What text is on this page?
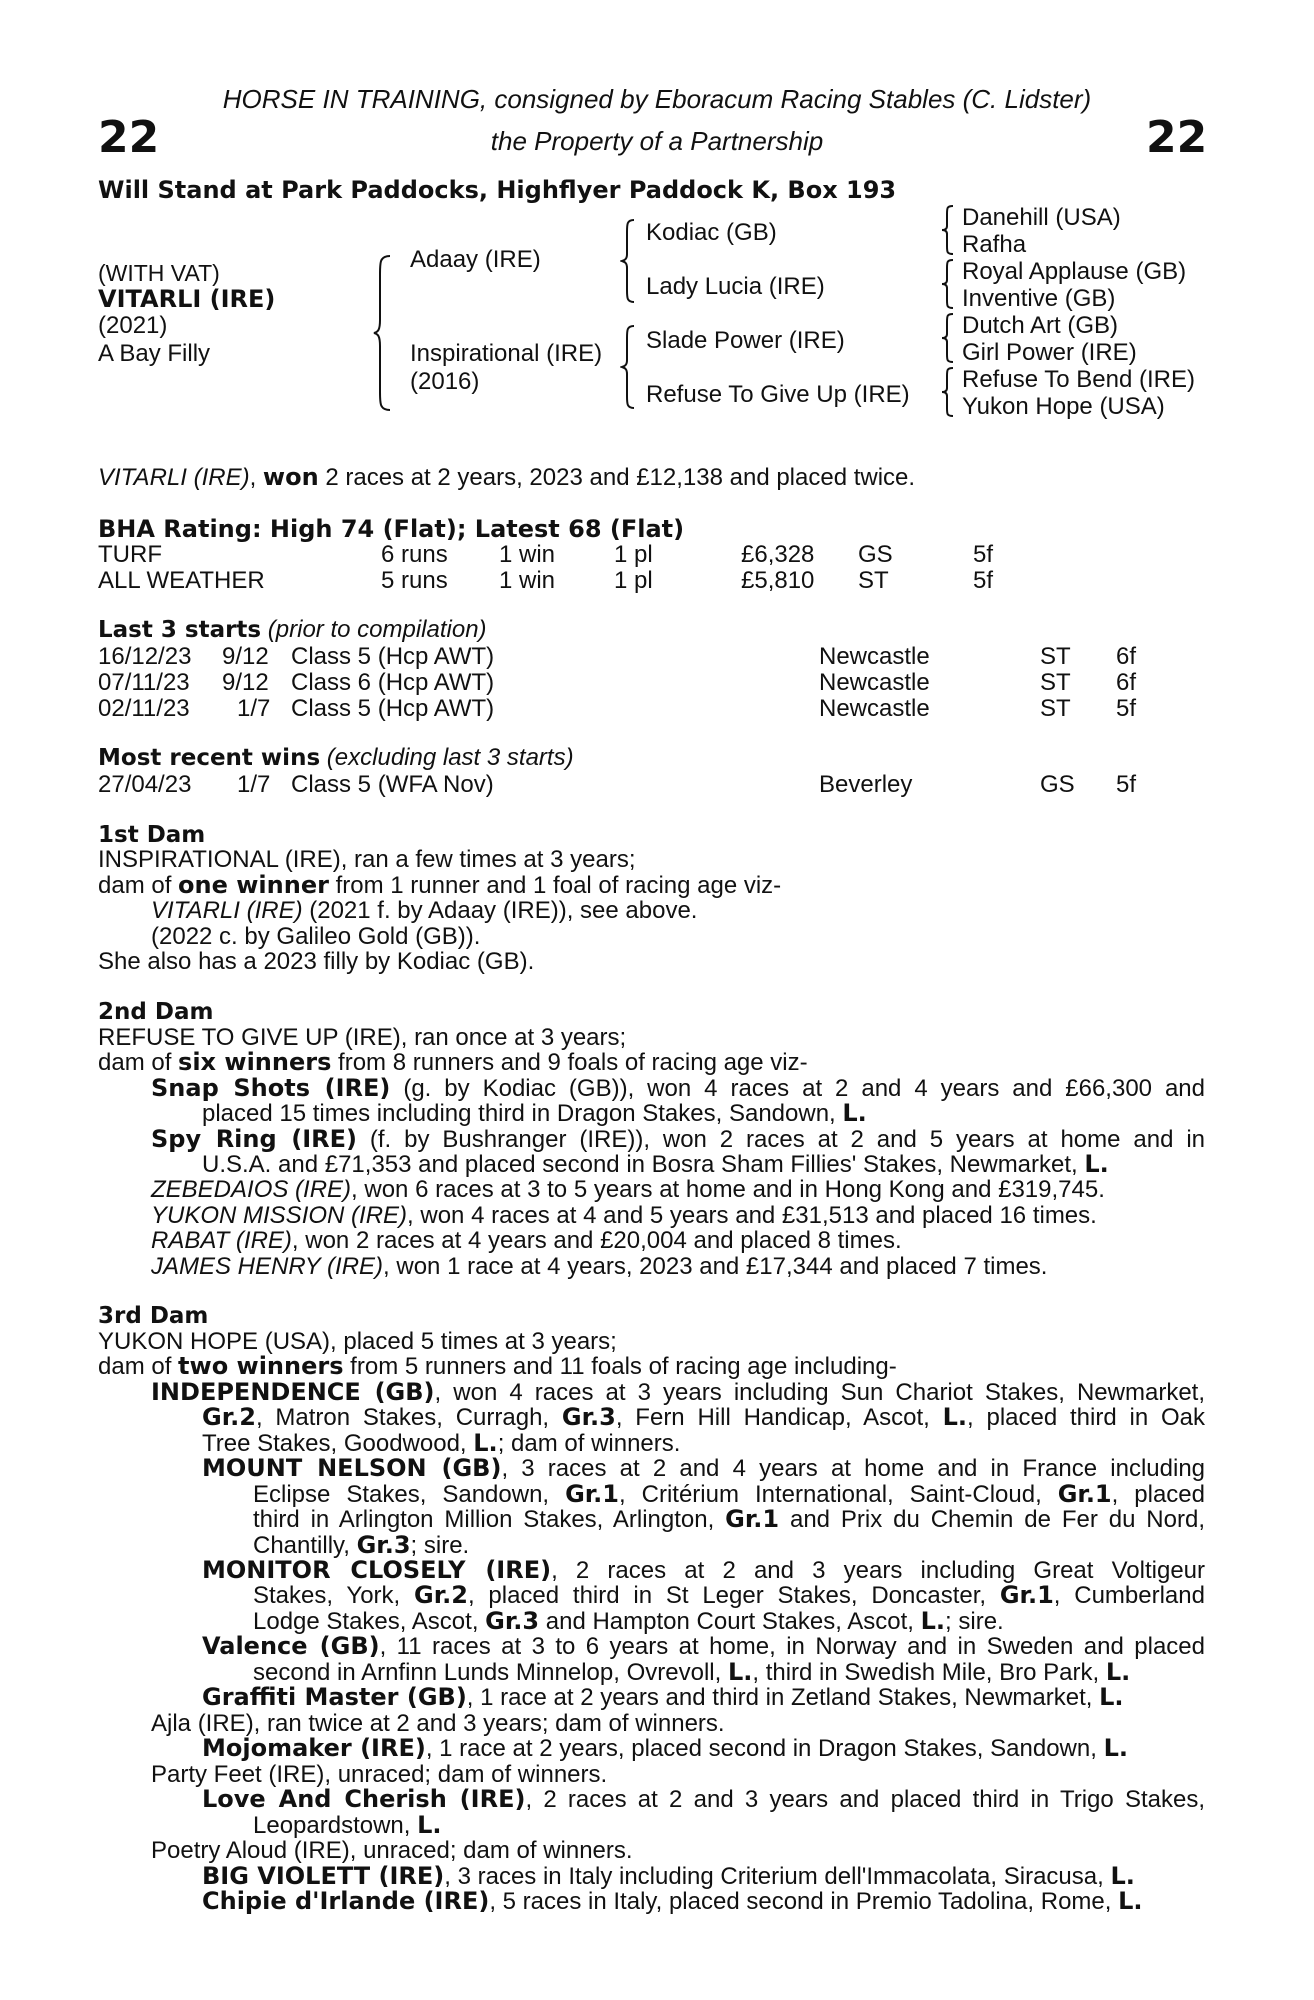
22	22
HORSE IN TRAINING, consigned by Eboracum Racing Stables (C. Lidster)
the Property of a Partnership
Will Stand at Park Paddocks, Highflyer Paddock K, Box 193
(WITH VAT)
VITARLI (IRE)
(2021)
A Bay Filly
Adaay (IRE)
Inspirational (IRE)
(2016)
Kodiac (GB)
Lady Lucia (IRE)
Slade Power (IRE)
Refuse To Give Up (IRE)
Danehill (USA)
Rafha
Royal Applause (GB)
Inventive (GB)
Dutch Art (GB)
Girl Power (IRE)
Refuse To Bend (IRE)
Yukon Hope (USA)
VITARLI (IRE), won 2 races at 2 years, 2023 and £12,138 and placed twice.
BHA Rating: High 74 (Flat); Latest 68 (Flat)
TURF	6 runs 1 win 1 pl	£6,328 GS	5f
ALL WEATHER	5 runs 1 win 1 pl	£5,810 ST	5f
Last 3 starts (prior to compilation)
16/12/23 9/12 Class 5 (Hcp AWT)	Newcastle	ST 6f
07/11/23 9/12 Class 6 (Hcp AWT)	Newcastle	ST 6f
02/11/23 1/7 Class 5 (Hcp AWT)	Newcastle	ST 5f
Most recent wins (excluding last 3 starts)
27/04/23 1/7 Class 5 (WFA Nov)	Beverley	GS 5f
1st Dam
INSPIRATIONAL (IRE), ran a few times at 3 years;
dam of one winner from 1 runner and 1 foal of racing age viz-
VITARLI (IRE) (2021 f. by Adaay (IRE)), see above.
(2022 c. by Galileo Gold (GB)).
She also has a 2023 filly by Kodiac (GB).
2nd Dam
REFUSE TO GIVE UP (IRE), ran once at 3 years;
dam of six winners from 8 runners and 9 foals of racing age viz-
Snap Shots (IRE) (g. by Kodiac (GB)), won 4 races at 2 and 4 years and £66,300 and
placed 15 times including third in Dragon Stakes, Sandown, L.
Spy Ring (IRE) (f. by Bushranger (IRE)), won 2 races at 2 and 5 years at home and in
U.S.A. and £71,353 and placed second in Bosra Sham Fillies' Stakes, Newmarket, L.
ZEBEDAIOS (IRE), won 6 races at 3 to 5 years at home and in Hong Kong and £319,745.
YUKON MISSION (IRE), won 4 races at 4 and 5 years and £31,513 and placed 16 times.
RABAT (IRE), won 2 races at 4 years and £20,004 and placed 8 times.
JAMES HENRY (IRE), won 1 race at 4 years, 2023 and £17,344 and placed 7 times.
3rd Dam
YUKON HOPE (USA), placed 5 times at 3 years;
dam of two winners from 5 runners and 11 foals of racing age including-
INDEPENDENCE (GB), won 4 races at 3 years including Sun Chariot Stakes, Newmarket,
Gr.2, Matron Stakes, Curragh, Gr.3, Fern Hill Handicap, Ascot, L., placed third in Oak
Tree Stakes, Goodwood, L.; dam of winners.
MOUNT NELSON (GB), 3 races at 2 and 4 years at home and in France including
Eclipse Stakes, Sandown, Gr.1, Critérium International, Saint-Cloud, Gr.1, placed
third in Arlington Million Stakes, Arlington, Gr.1 and Prix du Chemin de Fer du Nord,
Chantilly, Gr.3; sire.
MONITOR CLOSELY (IRE), 2 races at 2 and 3 years including Great Voltigeur
Stakes, York, Gr.2, placed third in St Leger Stakes, Doncaster, Gr.1, Cumberland
Lodge Stakes, Ascot, Gr.3 and Hampton Court Stakes, Ascot, L.; sire.
Valence (GB), 11 races at 3 to 6 years at home, in Norway and in Sweden and placed
second in Arnfinn Lunds Minnelop, Ovrevoll, L., third in Swedish Mile, Bro Park, L.
Graffiti Master (GB), 1 race at 2 years and third in Zetland Stakes, Newmarket, L.
Ajla (IRE), ran twice at 2 and 3 years; dam of winners.
Mojomaker (IRE), 1 race at 2 years, placed second in Dragon Stakes, Sandown, L.
Party Feet (IRE), unraced; dam of winners.
Love And Cherish (IRE), 2 races at 2 and 3 years and placed third in Trigo Stakes,
Leopardstown, L.
Poetry Aloud (IRE), unraced; dam of winners.
BIG VIOLETT (IRE), 3 races in Italy including Criterium dell'Immacolata, Siracusa, L.
Chipie d'Irlande (IRE), 5 races in Italy, placed second in Premio Tadolina, Rome, L.
